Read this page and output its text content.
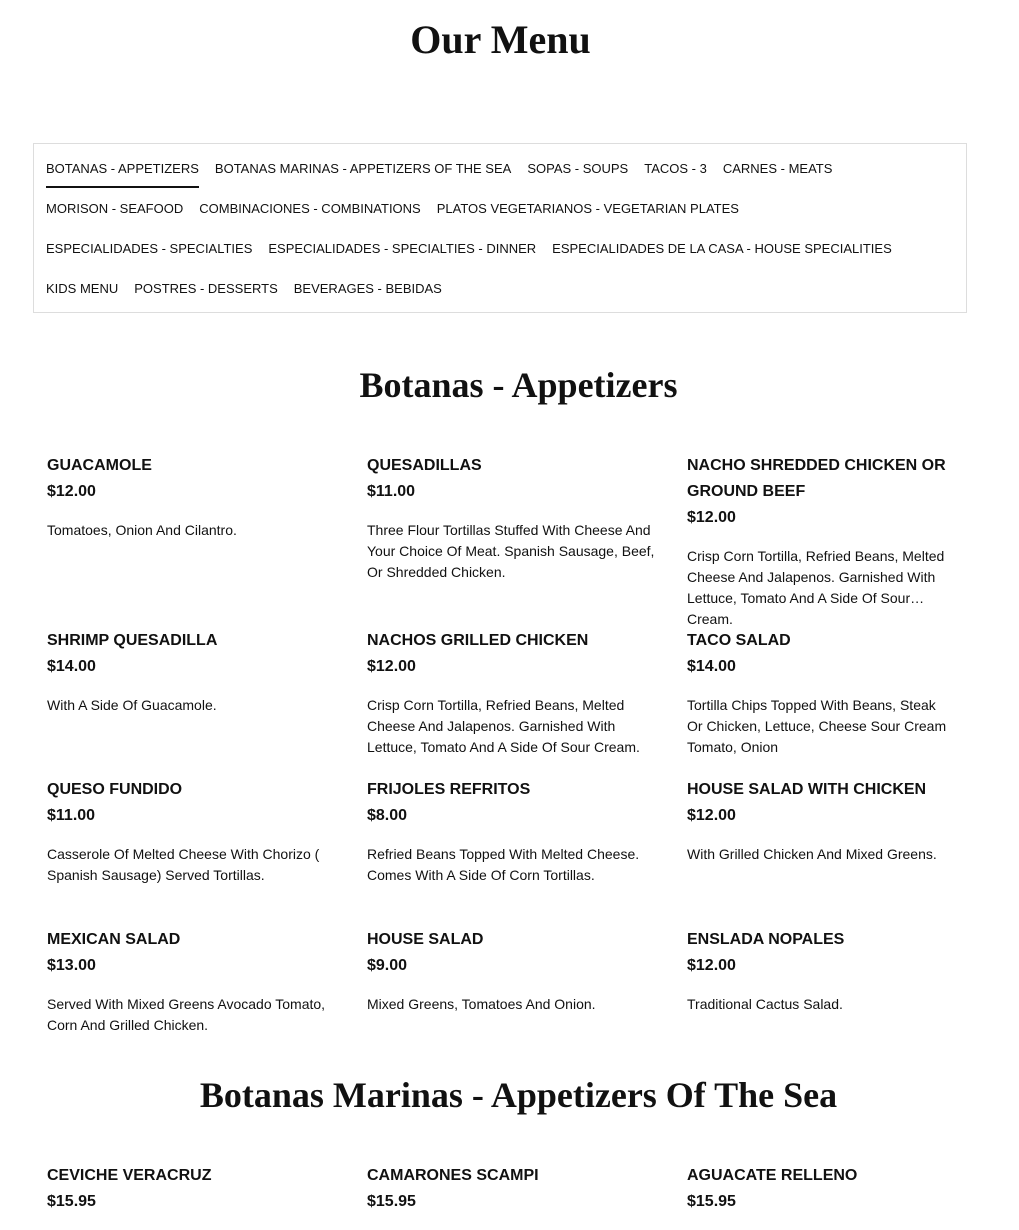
Our Menu
BOTANAS - APPETIZERS BOTANAS MARINAS - APPETIZERS OF THE SEA SOPAS - SOUPS TACOS - 3 CARNES - MEATS
MORISON - SEAFOOD COMBINACIONES - COMBINATIONS PLATOS VEGETARIANOS - VEGETARIAN PLATES
ESPECIALIDADES - SPECIALTIES ESPECIALIDADES - SPECIALTIES - DINNER ESPECIALIDADES DE LA CASA - HOUSE SPECIALITIES
KIDS MENU POSTRES - DESSERTS BEVERAGES - BEBIDAS
Botanas - Appetizers
GUACAMOLE
$12.00
Tomatoes, Onion And Cilantro.
QUESADILLAS
$11.00
Three Flour Tortillas Stuffed With Cheese And Your Choice Of Meat. Spanish Sausage, Beef, Or Shredded Chicken.
NACHO SHREDDED CHICKEN OR GROUND BEEF
$12.00
Crisp Corn Tortilla, Refried Beans, Melted Cheese And Jalapenos. Garnished With Lettuce, Tomato And A Side Of Sour Cream.
SHRIMP QUESADILLA
$14.00
With A Side Of Guacamole.
NACHOS GRILLED CHICKEN
$12.00
Crisp Corn Tortilla, Refried Beans, Melted Cheese And Jalapenos. Garnished With Lettuce, Tomato And A Side Of Sour Cream.
TACO SALAD
$14.00
Tortilla Chips Topped With Beans, Steak Or Chicken, Lettuce, Cheese Sour Cream Tomato, Onion
QUESO FUNDIDO
$11.00
Casserole Of Melted Cheese With Chorizo ( Spanish Sausage) Served Tortillas.
FRIJOLES REFRITOS
$8.00
Refried Beans Topped With Melted Cheese. Comes With A Side Of Corn Tortillas.
HOUSE SALAD WITH CHICKEN
$12.00
With Grilled Chicken And Mixed Greens.
MEXICAN SALAD
$13.00
Served With Mixed Greens Avocado Tomato, Corn And Grilled Chicken.
HOUSE SALAD
$9.00
Mixed Greens, Tomatoes And Onion.
ENSLADA NOPALES
$12.00
Traditional Cactus Salad.
Botanas Marinas - Appetizers Of The Sea
CEVICHE VERACRUZ
$15.95
CAMARONES SCAMPI
$15.95
AGUACATE RELLENO
$15.95
